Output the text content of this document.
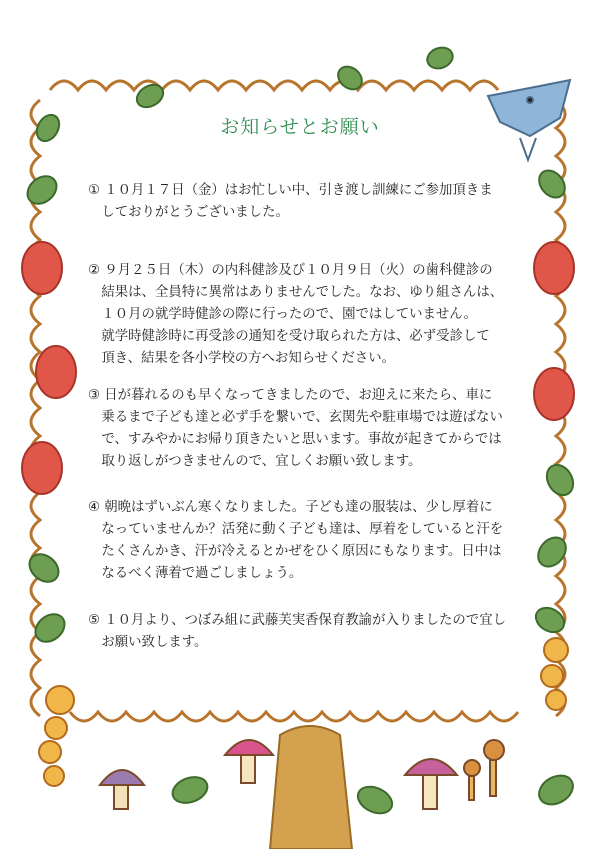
お知らせとお願い
① １０月１７日（金）はお忙しい中、引き渡し訓練にご参加頂きま
　しておりがとうございました。
② ９月２５日（木）の内科健診及び１０月９日（火）の歯科健診の
　結果は、全員特に異常はありませんでした。なお、ゆり組さんは、
　１０月の就学時健診の際に行ったので、園ではしていません。
　就学時健診時に再受診の通知を受け取られた方は、必ず受診して
　頂き、結果を各小学校の方へお知らせください。
③ 日が暮れるのも早くなってきましたので、お迎えに来たら、車に
　乗るまで子ども達と必ず手を繋いで、玄関先や駐車場では遊ばない
　で、すみやかにお帰り頂きたいと思います。事故が起きてからでは
　取り返しがつきませんので、宜しくお願い致します。
④ 朝晩はずいぶん寒くなりました。子ども達の服装は、少し厚着に
　なっていませんか？活発に動く子ども達は、厚着をしていると汗を
　たくさんかき、汗が冷えるとかぜをひく原因にもなります。日中は
　なるべく薄着で過ごしましょう。
⑤ １０月より、つぼみ組に武藤芙実香保育教諭が入りましたので宜し
　お願い致します。
